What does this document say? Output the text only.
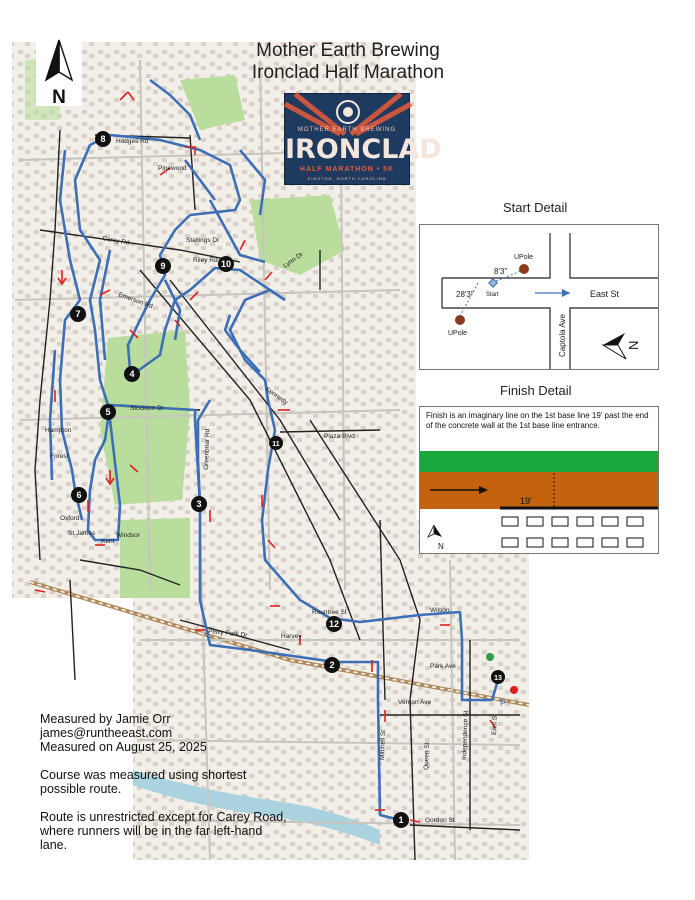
1
2
3
4
5
6
7
8
9	10
11
12
13
P
Hodges Rd
Pinewood
Carey Rd	Stallings Dr
Riley Rd	Lynn Dr
Emerson Rd
Stockton Dr
Plaza Blvd
Hampton
Forest
Oxford
St James
Kent
Windsor
Perry Park Dr	Harvey
Rountree St
Park Ave
Vernon Ave
Mitchell St	Queen St	Independence St	East St
Gordon St
Wilson
Greenbriar Rd
Kennedy
N
Mother Earth Brewing
Ironclad Half Marathon
MOTHER EARTH BREWING
IRONCLAD
HALF MARATHON • 5K
KINSTON, NORTH CAROLINA
Start Detail
UPole
UPole
8'3"
28'3" Start	East St
Captola Ave	N
Finish Detail
Finish is an imaginary line on the 1st base line 19' past the end of the concrete wall at the 1st base line entrance.
19'
N

Measured by Jamie Orr

james@runtheeast.com

Measured on August 25, 2025

Course was measured using shortest

possible route.

Route is unrestricted except for Carey Road,

where runners will be in the far left-hand

lane.
